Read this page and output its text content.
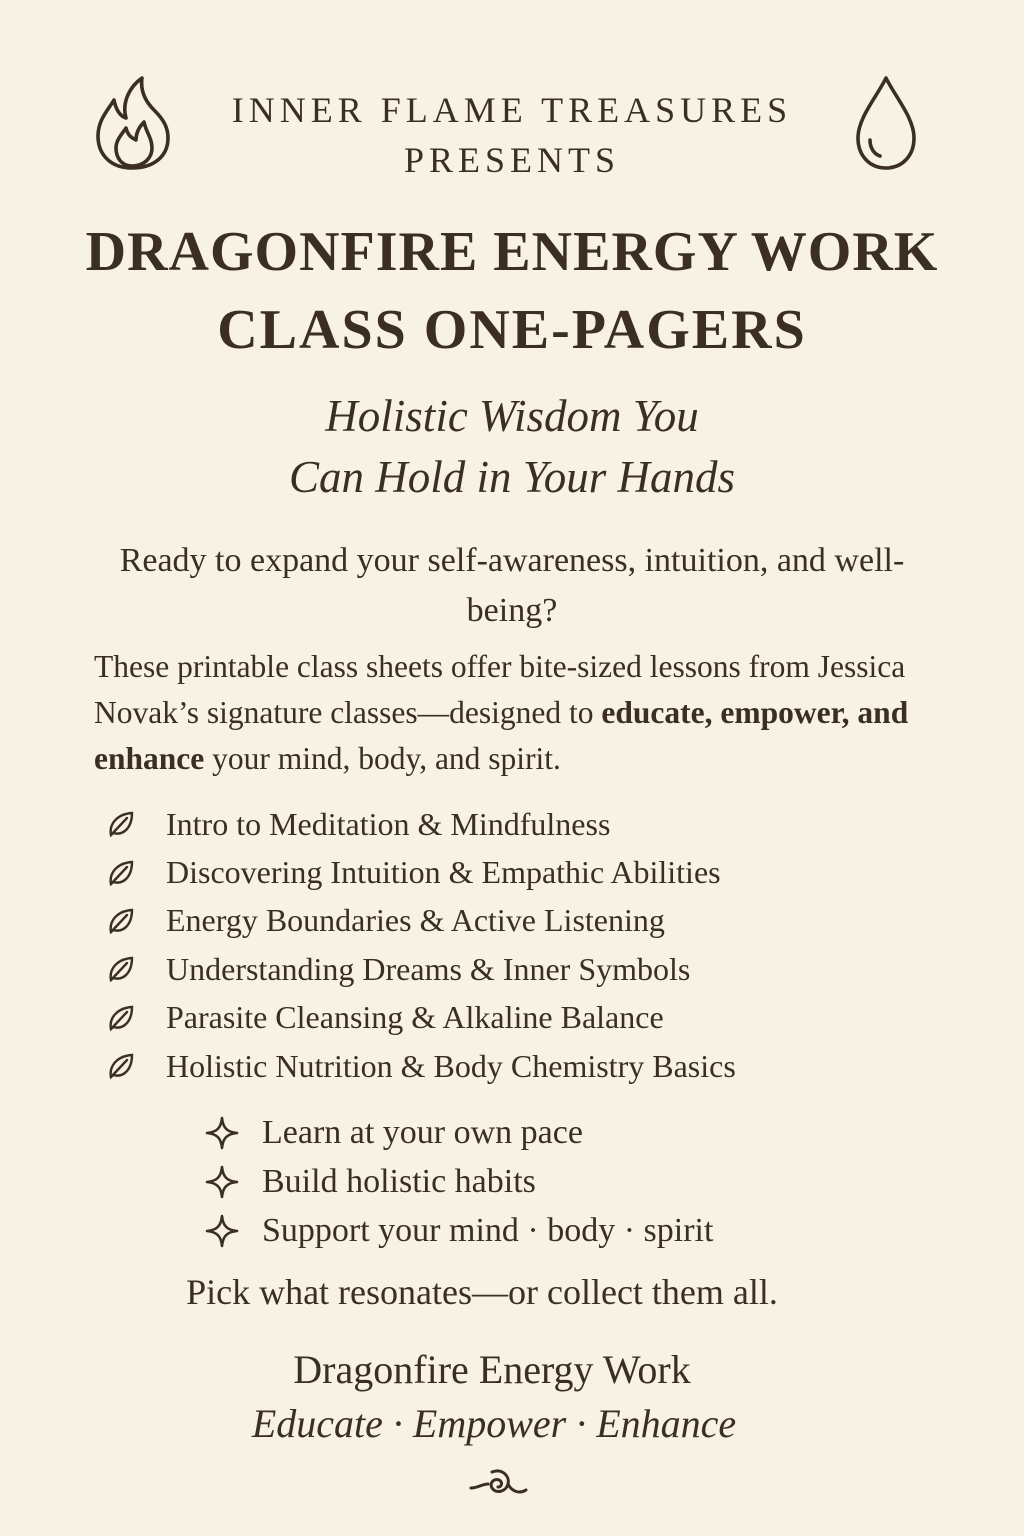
INNER FLAME TREASURES
PRESENTS
DRAGONFIRE ENERGY WORK
CLASS ONE-PAGERS
Holistic Wisdom You
Can Hold in Your Hands
Ready to expand your self-awareness, intuition, and well-being?
These printable class sheets offer bite-sized lessons from Jessica Novak’s signature classes—designed to educate, empower, and enhance your mind, body, and spirit.
Intro to Meditation & Mindfulness
Discovering Intuition & Empathic Abilities
Energy Boundaries & Active Listening
Understanding Dreams & Inner Symbols
Parasite Cleansing & Alkaline Balance
Holistic Nutrition & Body Chemistry Basics
Learn at your own pace
Build holistic habits
Support your mind · body · spirit
Pick what resonates—or collect them all.
Dragonfire Energy Work
Educate · Empower · Enhance
